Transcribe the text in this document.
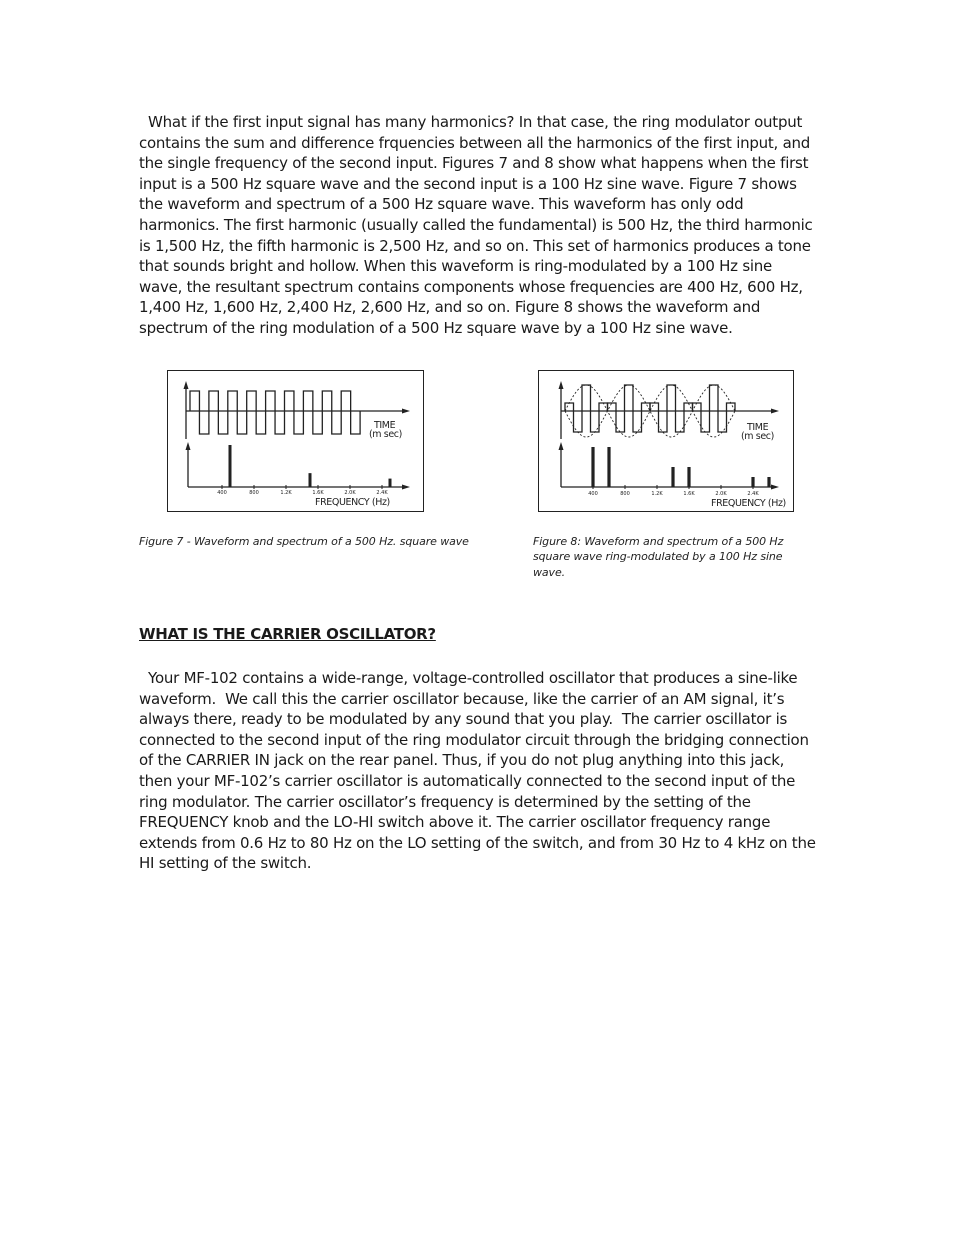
What if the first input signal has many harmonics? In that case, the ring modulator output contains the sum and difference frquencies between all the harmonics of the first input, and the single frequency of the second input. Figures 7 and 8 show what happens when the first input is a 500 Hz square wave and the second input is a 100 Hz sine wave. Figure 7 shows the waveform and spectrum of a 500 Hz square wave. This waveform has only odd harmonics. The first harmonic (usually called the fundamental) is 500 Hz, the third harmonic is 1,500 Hz, the fifth harmonic is 2,500 Hz, and so on. This set of harmonics produces a tone that sounds bright and hollow. When this waveform is ring-modulated by a 100 Hz sine wave, the resultant spectrum contains components whose frequencies are 400 Hz, 600 Hz, 1,400 Hz, 1,600 Hz, 2,400 Hz, 2,600 Hz, and so on. Figure 8 shows the waveform and spectrum of the ring modulation of a 500 Hz square wave by a 100 Hz sine wave.

400	800	1.2K	1.6K	2.0K	2.4K
TIME
(m sec)
FREQUENCY (Hz)

Figure 7 - Waveform and spectrum of a 500 Hz. square wave

400	800	1.2K	1.6K	2.0K	2.4K
TIME
(m sec)
FREQUENCY (Hz)

Figure 8: Waveform and spectrum of a 500 Hz square wave ring-modulated by a 100 Hz sine wave.

WHAT IS THE CARRIER OSCILLATOR?

Your MF-102 contains a wide-range, voltage-controlled oscillator that produces a sine-like waveform.  We call this the carrier oscillator because, like the carrier of an AM signal, it’s always there, ready to be modulated by any sound that you play.  The carrier oscillator is connected to the second input of the ring modulator circuit through the bridging connection of the CARRIER IN jack on the rear panel. Thus, if you do not plug anything into this jack, then your MF-102’s carrier oscillator is automatically connected to the second input of the ring modulator. The carrier oscillator’s frequency is determined by the setting of the FREQUENCY knob and the LO-HI switch above it. The carrier oscillator frequency range extends from 0.6 Hz to 80 Hz on the LO setting of the switch, and from 30 Hz to 4 kHz on the HI setting of the switch.
